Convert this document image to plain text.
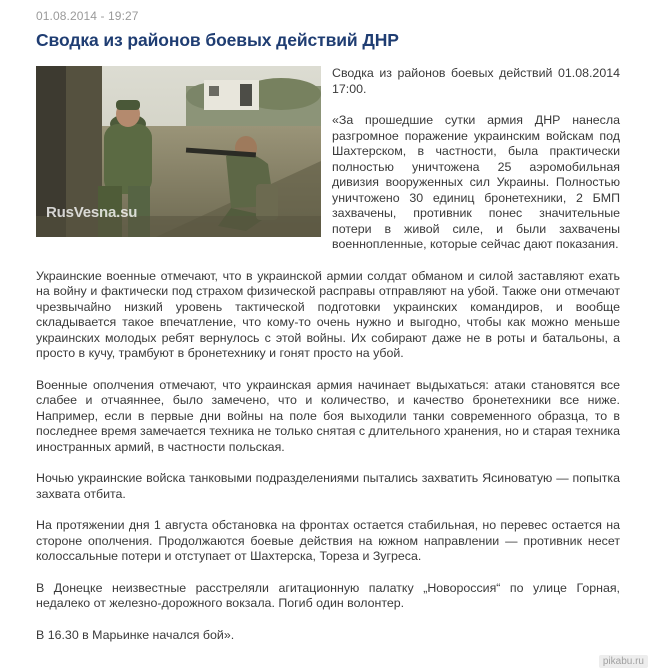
01.08.2014 - 19:27
Сводка из районов боевых действий ДНР
RusVesna.su

Сводка из районов боевых действий 01.08.2014 17:00.

«За прошедшие сутки армия ДНР нанесла разгромное поражение украинским войскам под Шахтерском, в частности, была практически полностью уничтожена 25 аэромобильная дивизия вооруженных сил Украины. Полностью уничтожено 30 единиц бронетехники, 2 БМП захвачены, противник понес значительные потери в живой силе, и были захвачены военнопленные, которые сейчас дают показания.

Украинские военные отмечают, что в украинской армии солдат обманом и силой заставляют ехать на войну и фактически под страхом физической расправы отправляют на убой. Также они отмечают чрезвычайно низкий уровень тактической подготовки украинских командиров, и вообще складывается такое впечатление, что кому-то очень нужно и выгодно, чтобы как можно меньше украинских молодых ребят вернулось с этой войны. Их собирают даже не в роты и батальоны, а просто в кучу, трамбуют в бронетехнику и гонят просто на убой.

Военные ополчения отмечают, что украинская армия начинает выдыхаться: атаки становятся все слабее и отчаяннее, было замечено, что и количество, и качество бронетехники все ниже. Например, если в первые дни войны на поле боя выходили танки современного образца, то в последнее время замечается техника не только снятая с длительного хранения, но и старая техника иностранных армий, в частности польская.

Ночью украинские войска танковыми подразделениями пытались захватить Ясиноватую — попытка захвата отбита.

На протяжении дня 1 августа обстановка на фронтах остается стабильная, но перевес остается на стороне ополчения. Продолжаются боевые действия на южном направлении — противник несет колоссальные потери и отступает от Шахтерска, Тореза и Зугреса.

В Донецке неизвестные расстреляли агитационную палатку „Новороссия“ по улице Горная, недалеко от железно-дорожного вокзала. Погиб один волонтер.

В 16.30 в Марьинке начался бой».

pikabu.ru
